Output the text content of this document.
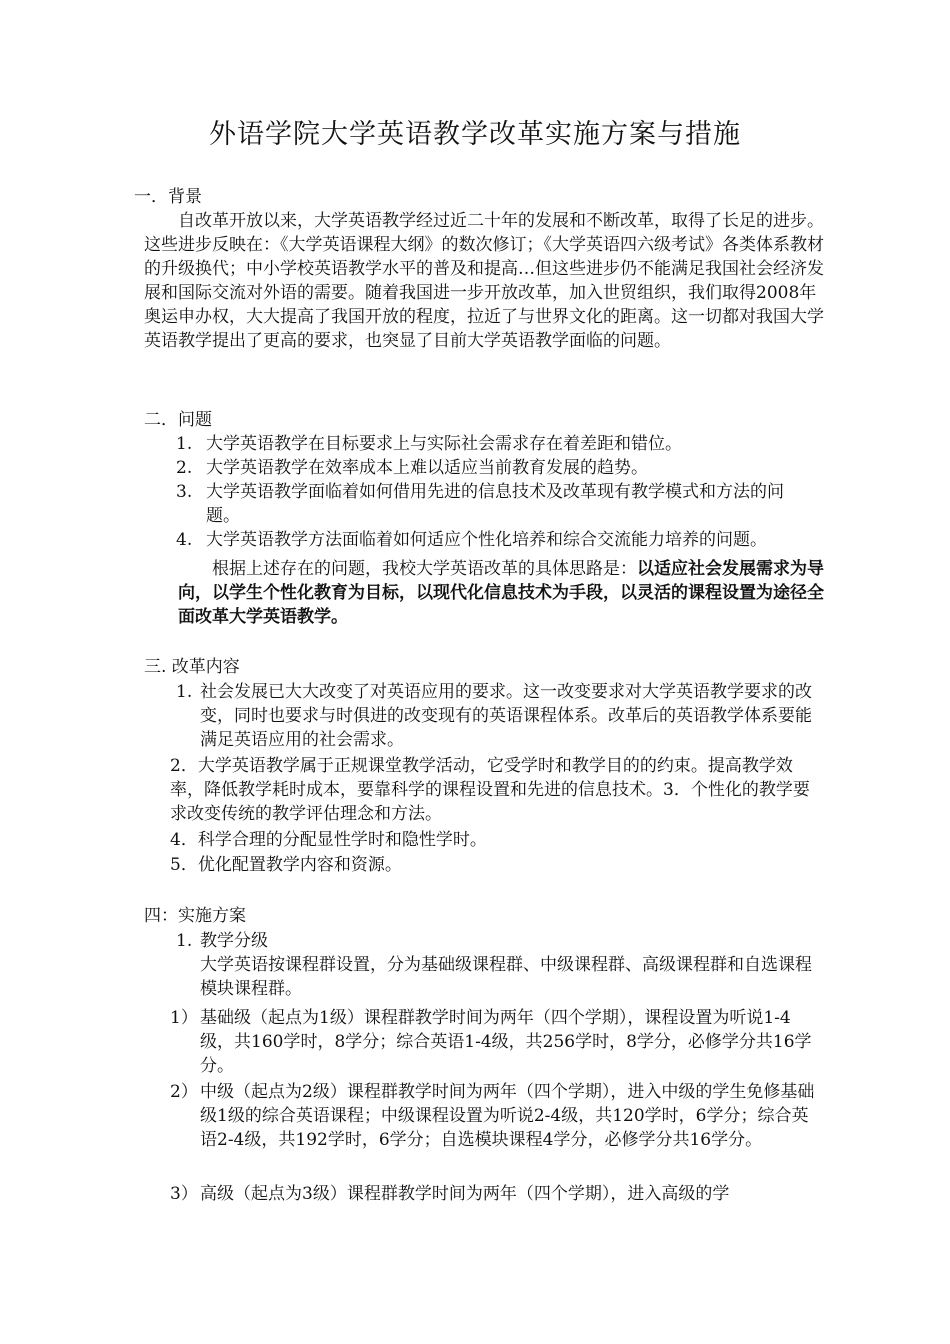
外语学院大学英语教学改革实施方案与措施
一．背景

自改革开放以来，大学英语教学经过近二十年的发展和不断改革，取得了长足的进步。这些进步反映在：《大学英语课程大纲》的数次修订；《大学英语四六级考试》各类体系教材的升级换代；中小学校英语教学水平的普及和提高…但这些进步仍不能满足我国社会经济发展和国际交流对外语的需要。随着我国进一步开放改革，加入世贸组织，我们取得2008年奥运申办权，大大提高了我国开放的程度，拉近了与世界文化的距离。这一切都对我国大学英语教学提出了更高的要求，也突显了目前大学英语教学面临的问题。

二．问题
1. 大学英语教学在目标要求上与实际社会需求存在着差距和错位。
2. 大学英语教学在效率成本上难以适应当前教育发展的趋势。
3. 大学英语教学面临着如何借用先进的信息技术及改革现有教学模式和方法的问题。
4. 大学英语教学方法面临着如何适应个性化培养和综合交流能力培养的问题。

根据上述存在的问题，我校大学英语改革的具体思路是：以适应社会发展需求为导向，以学生个性化教育为目标，以现代化信息技术为手段，以灵活的课程设置为途径全面改革大学英语教学。

三. 改革内容
1. 社会发展已大大改变了对英语应用的要求。这一改变要求对大学英语教学要求的改变，同时也要求与时俱进的改变现有的英语课程体系。改革后的英语教学体系要能满足英语应用的社会需求。

2．大学英语教学属于正规课堂教学活动，它受学时和教学目的的约束。提高教学效率，降低教学耗时成本，要靠科学的课程设置和先进的信息技术。3．个性化的教学要求改变传统的教学评估理念和方法。

4．科学合理的分配显性学时和隐性学时。

5．优化配置教学内容和资源。

四：实施方案
1. 教学分级
大学英语按课程群设置，分为基础级课程群、中级课程群、高级课程群和自选课程模块课程群。
1） 基础级（起点为1级）课程群教学时间为两年（四个学期），课程设置为听说1-4级，共160学时，8学分；综合英语1-4级，共256学时，8学分，必修学分共16学分。
2） 中级（起点为2级）课程群教学时间为两年（四个学期），进入中级的学生免修基础级1级的综合英语课程；中级课程设置为听说2-4级，共120学时，6学分；综合英语2-4级，共192学时，6学分；自选模块课程4学分，必修学分共16学分。
3） 高级（起点为3级）课程群教学时间为两年（四个学期），进入高级的学
